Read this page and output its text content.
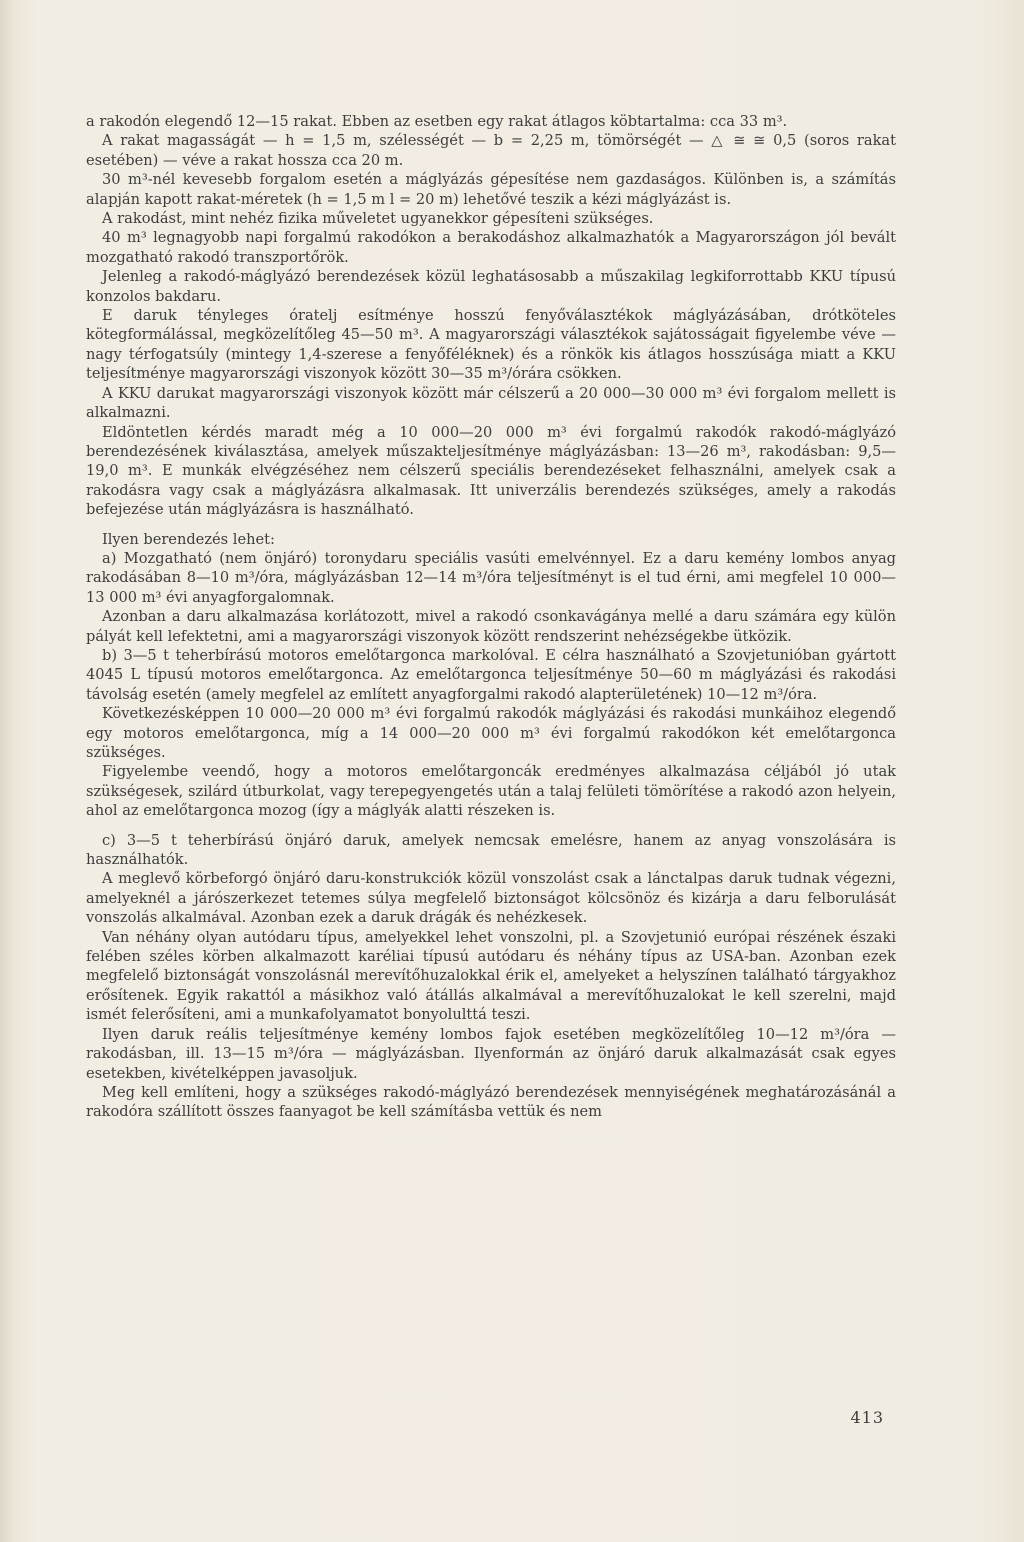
a rakodón elegendő 12—15 rakat. Ebben az esetben egy rakat átlagos köbtartalma: cca 33 m³.

A rakat magasságát — h = 1,5 m, szélességét — b = 2,25 m, tömörségét — △ ≅ ≅ 0,5 (soros rakat esetében) — véve a rakat hossza cca 20 m.

30 m³-nél kevesebb forgalom esetén a máglyázás gépesítése nem gazdaságos. Különben is, a számítás alapján kapott rakat-méretek (h = 1,5 m l = 20 m) lehetővé teszik a kézi máglyázást is.

A rakodást, mint nehéz fizika műveletet ugyanekkor gépesíteni szükséges.

40 m³ legnagyobb napi forgalmú rakodókon a berakodáshoz alkalmazhatók a Magyarországon jól bevált mozgatható rakodó transzportőrök.

Jelenleg a rakodó-máglyázó berendezések közül leghatásosabb a műszakilag legkiforrottabb KKU típusú konzolos bakdaru.

E daruk tényleges óratelj esítménye hosszú fenyőválasztékok máglyázásában, drótköteles kötegformálással, megközelítőleg 45—50 m³. A magyarországi választékok sajátosságait figyelembe véve — nagy térfogatsúly (mintegy 1,4-szerese a fenyőféléknek) és a rönkök kis átlagos hosszúsága miatt a KKU teljesítménye magyarországi viszonyok között 30—35 m³/órára csökken.

A KKU darukat magyarországi viszonyok között már célszerű a 20 000—30 000 m³ évi forgalom mellett is alkalmazni.

Eldöntetlen kérdés maradt még a 10 000—20 000 m³ évi forgalmú rakodók rakodó-máglyázó berendezésének kiválasztása, amelyek műszakteljesítménye máglyázásban: 13—26 m³, rakodásban: 9,5—19,0 m³. E munkák elvégzéséhez nem célszerű speciális berendezéseket felhasználni, amelyek csak a rakodásra vagy csak a máglyázásra alkalmasak. Itt univerzális berendezés szükséges, amely a rakodás befejezése után máglyázásra is használható.

Ilyen berendezés lehet:

a) Mozgatható (nem önjáró) toronydaru speciális vasúti emelvénnyel. Ez a daru kemény lombos anyag rakodásában 8—10 m³/óra, máglyázásban 12—14 m³/óra teljesítményt is el tud érni, ami megfelel 10 000—13 000 m³ évi anyagforgalomnak.

Azonban a daru alkalmazása korlátozott, mivel a rakodó csonkavágánya mellé a daru számára egy külön pályát kell lefektetni, ami a magyarországi viszonyok között rendszerint nehézségekbe ütközik.

b) 3—5 t teherbírású motoros emelőtargonca markolóval. E célra használható a Szovjetunióban gyártott 4045 L típusú motoros emelőtargonca. Az emelőtargonca teljesítménye 50—60 m máglyázási és rakodási távolság esetén (amely megfelel az említett anyagforgalmi rakodó alapterületének) 10—12 m³/óra.

Következésképpen 10 000—20 000 m³ évi forgalmú rakodók máglyázási és rakodási munkáihoz elegendő egy motoros emelőtargonca, míg a 14 000—20 000 m³ évi forgalmú rakodókon két emelőtargonca szükséges.

Figyelembe veendő, hogy a motoros emelőtargoncák eredményes alkalmazása céljából jó utak szükségesek, szilárd útburkolat, vagy terepegyengetés után a talaj felületi tömörítése a rakodó azon helyein, ahol az emelőtargonca mozog (így a máglyák alatti részeken is.

c) 3—5 t teherbírású önjáró daruk, amelyek nemcsak emelésre, hanem az anyag vonszolására is használhatók.

A meglevő körbeforgó önjáró daru-konstrukciók közül vonszolást csak a lánctalpas daruk tudnak végezni, amelyeknél a járószerkezet tetemes súlya megfelelő biztonságot kölcsönöz és kizárja a daru felborulását vonszolás alkalmával. Azonban ezek a daruk drágák és nehézkesek.

Van néhány olyan autódaru típus, amelyekkel lehet vonszolni, pl. a Szovjetunió európai részének északi felében széles körben alkalmazott karéliai típusú autódaru és néhány típus az USA-ban. Azonban ezek megfelelő biztonságát vonszolásnál merevítőhuzalokkal érik el, amelyeket a helyszínen található tárgyakhoz erősítenek. Egyik rakattól a másikhoz való átállás alkalmával a merevítőhuzalokat le kell szerelni, majd ismét felerősíteni, ami a munkafolyamatot bonyolulttá teszi.

Ilyen daruk reális teljesítménye kemény lombos fajok esetében megközelítőleg 10—12 m³/óra — rakodásban, ill. 13—15 m³/óra — máglyázásban. Ilyenformán az önjáró daruk alkalmazását csak egyes esetekben, kivételképpen javasoljuk.

Meg kell említeni, hogy a szükséges rakodó-máglyázó berendezések mennyiségének meghatározásánál a rakodóra szállított összes faanyagot be kell számításba vettük és nem

413
